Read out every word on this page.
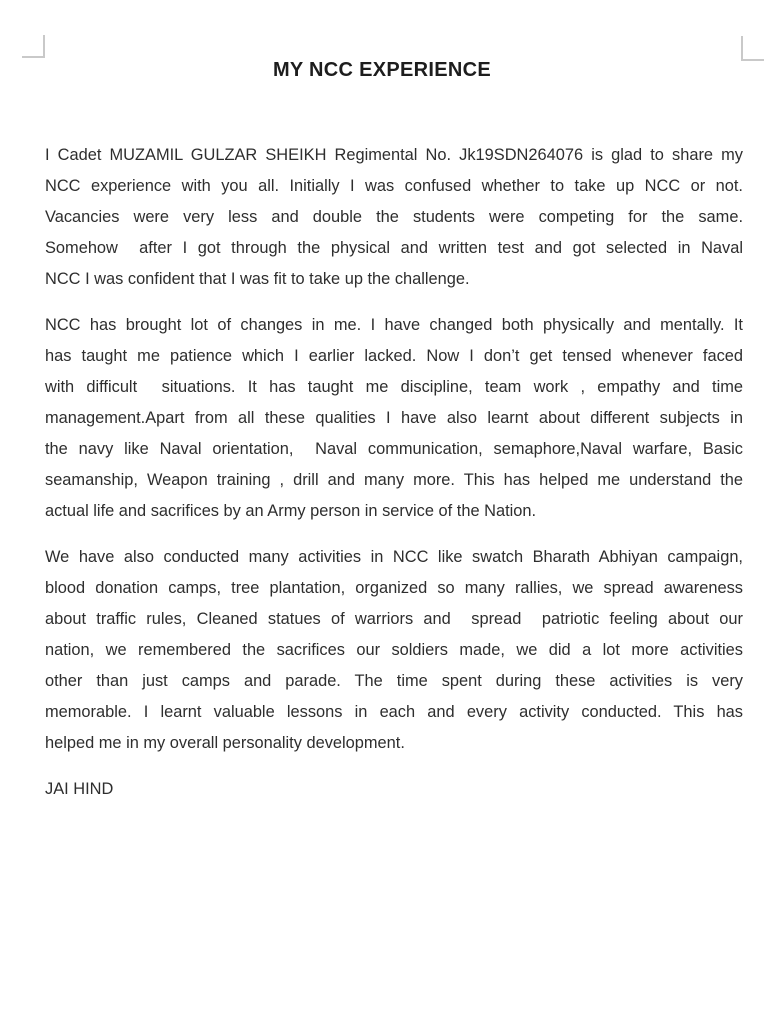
MY NCC EXPERIENCE
I Cadet MUZAMIL GULZAR SHEIKH Regimental No. Jk19SDN264076 is glad to share my
NCC experience with you all. Initially I was confused whether to take up NCC or not.
Vacancies were very less and double the students were competing for the same.
Somehow  after I got through the physical and written test and got selected in Naval
NCC I was confident that I was fit to take up the challenge.
NCC has brought lot of changes in me. I have changed both physically and mentally. It
has taught me patience which I earlier lacked. Now I don’t get tensed whenever faced
with difficult  situations. It has taught me discipline, team work , empathy and time
management.Apart from all these qualities I have also learnt about different subjects in
the navy like Naval orientation,  Naval communication, semaphore,Naval warfare, Basic
seamanship, Weapon training , drill and many more. This has helped me understand the
actual life and sacrifices by an Army person in service of the Nation.
We have also conducted many activities in NCC like swatch Bharath Abhiyan campaign,
blood donation camps, tree plantation, organized so many rallies, we spread awareness
about traffic rules, Cleaned statues of warriors and  spread  patriotic feeling about our
nation, we remembered the sacrifices our soldiers made, we did a lot more activities
other than just camps and parade. The time spent during these activities is very
memorable. I learnt valuable lessons in each and every activity conducted. This has
helped me in my overall personality development.
JAI HIND
